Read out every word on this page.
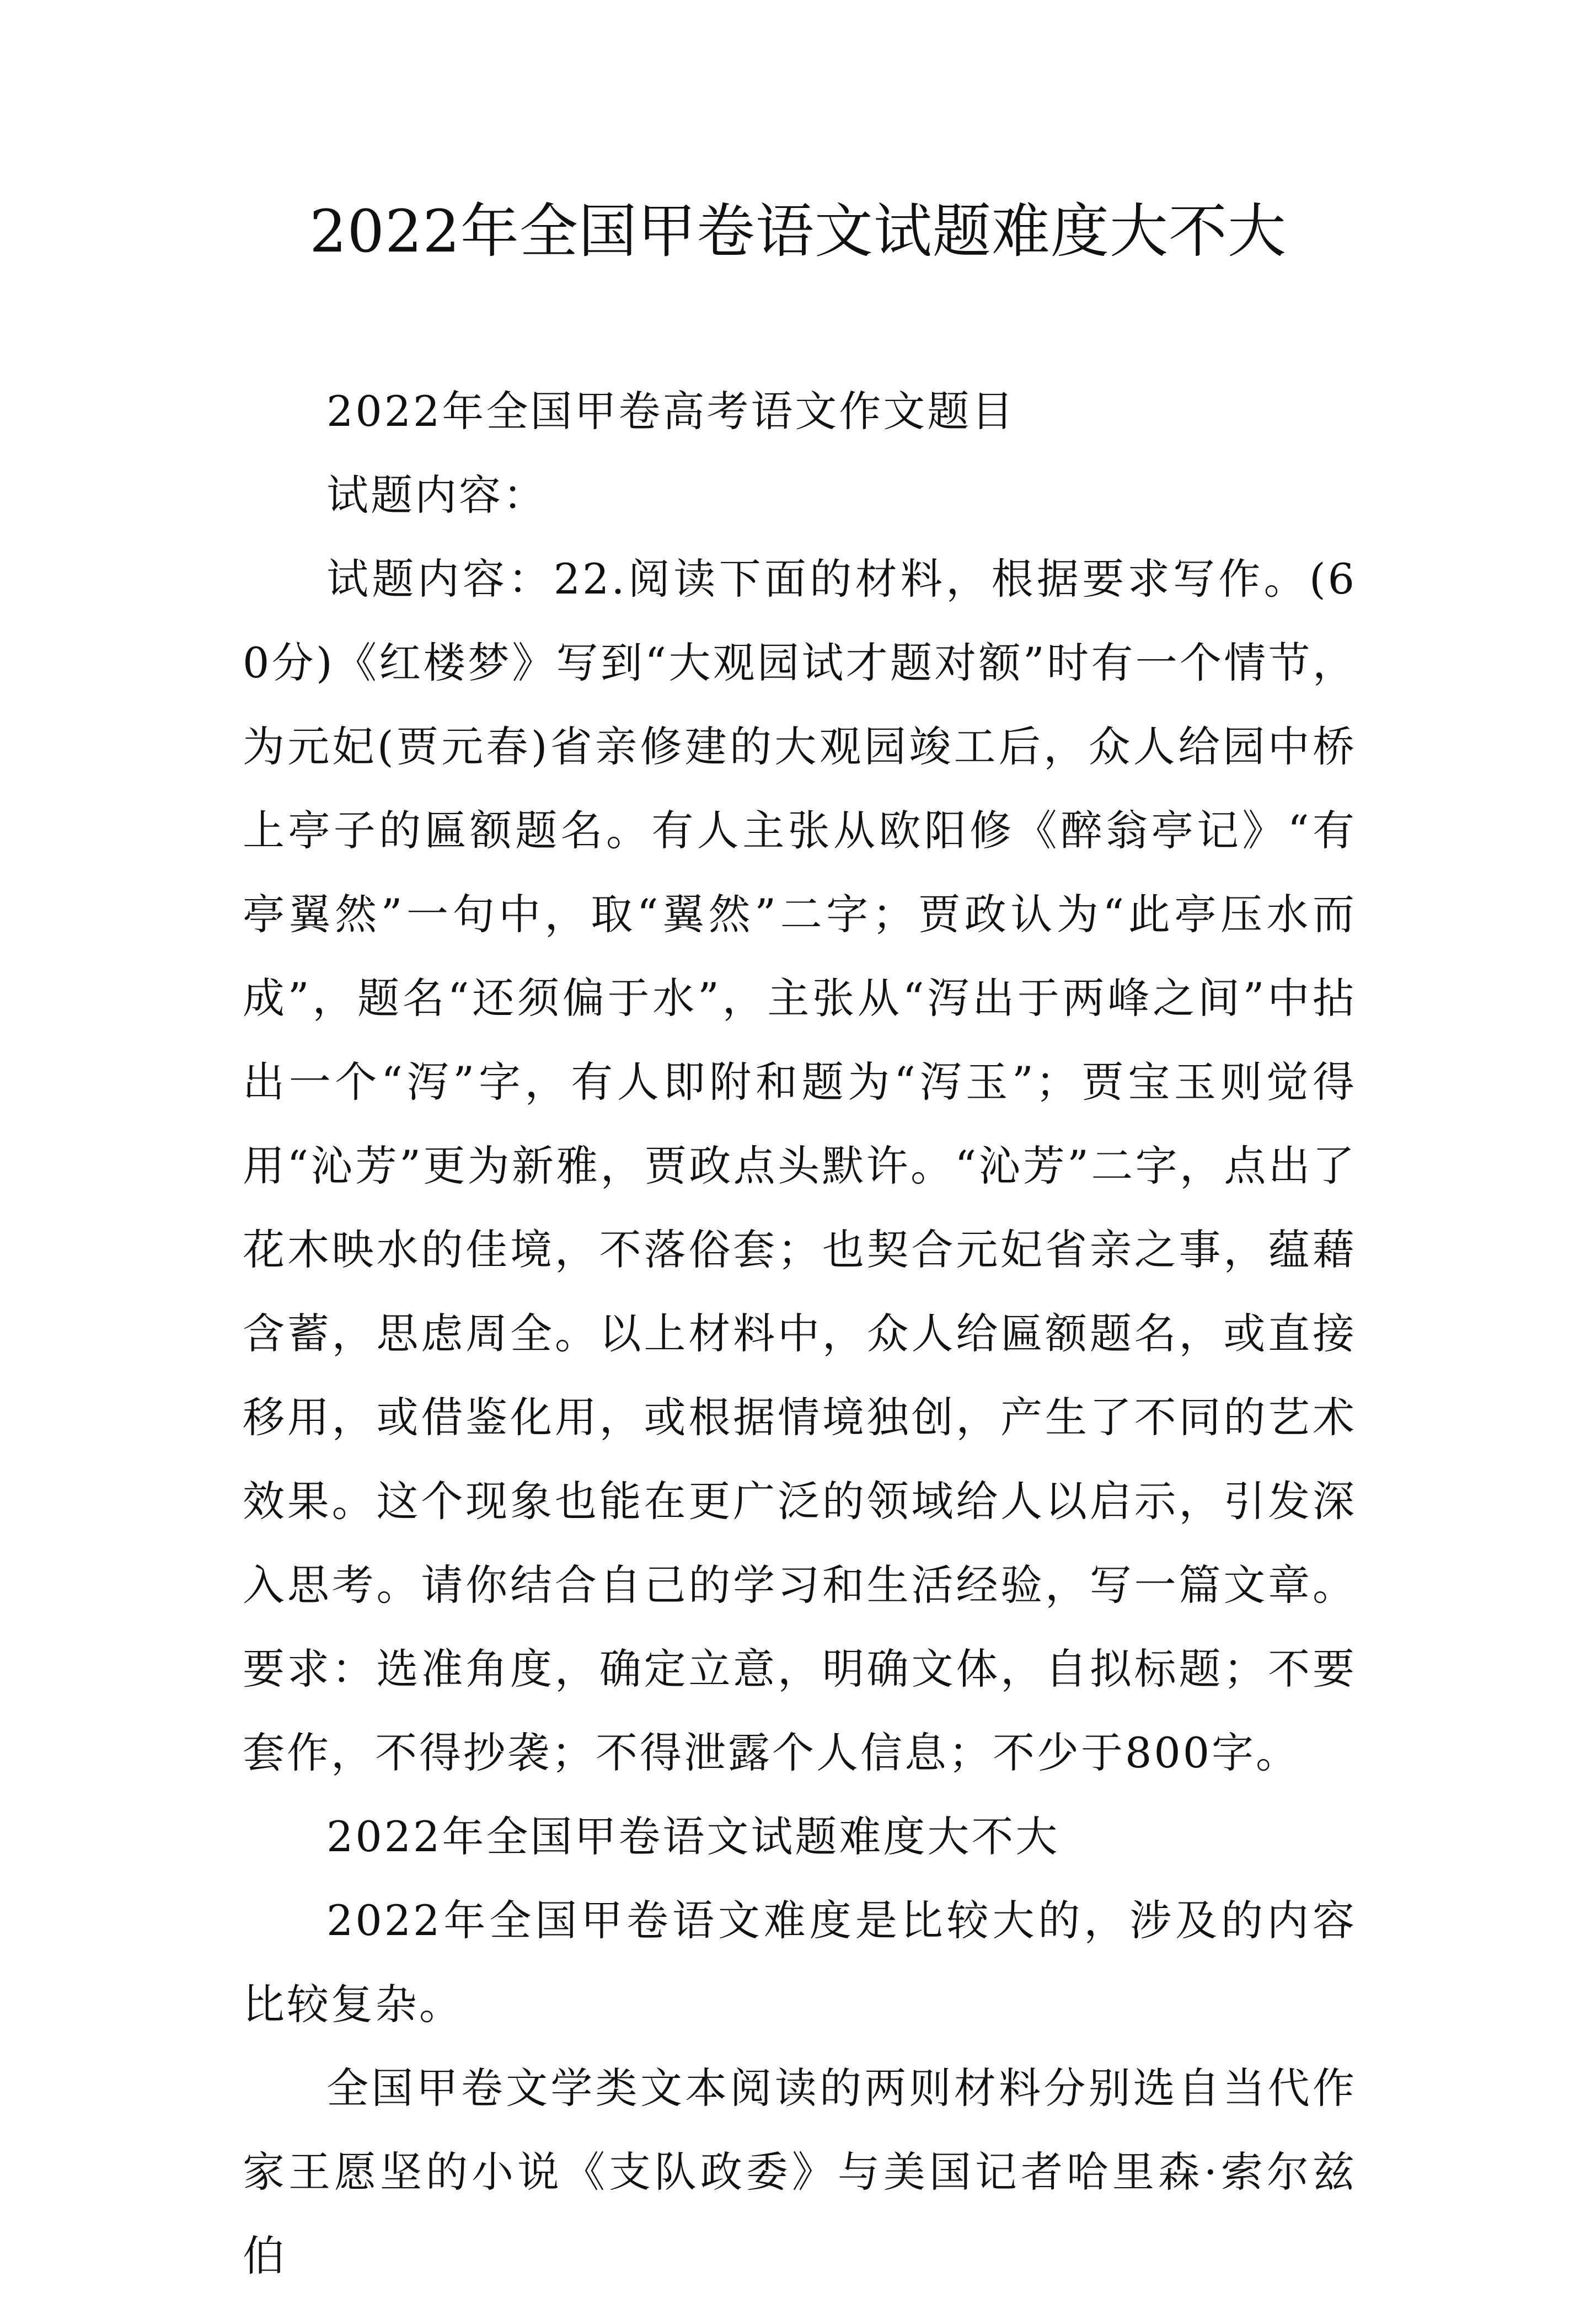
2022年全国甲卷语文试题难度大不大

2022年全国甲卷高考语文作文题目

试题内容：

试题内容：22.阅读下面的材料，根据要求写作。(60分)《红楼梦》写到“大观园试才题对额”时有一个情节，为元妃(贾元春)省亲修建的大观园竣工后，众人给园中桥上亭子的匾额题名。有人主张从欧阳修《醉翁亭记》“有亭翼然”一句中，取“翼然”二字；贾政认为“此亭压水而成”，题名“还须偏于水”，主张从“泻出于两峰之间”中拈出一个“泻”字，有人即附和题为“泻玉”；贾宝玉则觉得用“沁芳”更为新雅，贾政点头默许。“沁芳”二字，点出了花木映水的佳境，不落俗套；也契合元妃省亲之事，蕴藉含蓄，思虑周全。以上材料中，众人给匾额题名，或直接移用，或借鉴化用，或根据情境独创，产生了不同的艺术效果。这个现象也能在更广泛的领域给人以启示，引发深入思考。请你结合自己的学习和生活经验，写一篇文章。要求：选准角度，确定立意，明确文体，自拟标题；不要套作，不得抄袭；不得泄露个人信息；不少于800字。

2022年全国甲卷语文试题难度大不大

2022年全国甲卷语文难度是比较大的，涉及的内容比较复杂。

全国甲卷文学类文本阅读的两则材料分别选自当代作家王愿坚的小说《支队政委》与美国记者哈里森·索尔兹伯
